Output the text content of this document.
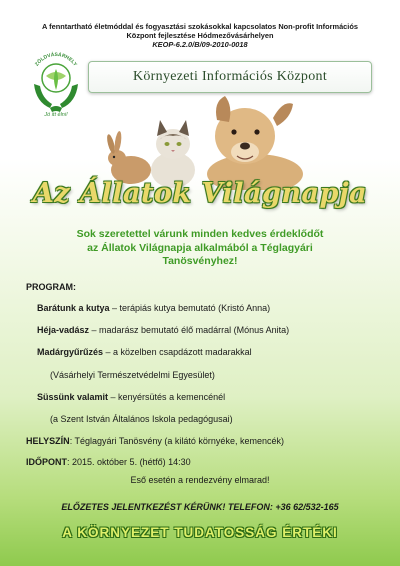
A fenntartható életmóddal és fogyasztási szokásokkal kapcsolatos Non-profit Információs
Központ fejlesztése Hódmezővásárhelyen
KEOP-6.2.0/B/09-2010-0018
ZÖLDVÁSÁRHELY
Jó itt élni!
Környezeti Információs Központ
Az Állatok Világnapja
Sok szeretettel várunk minden kedves érdeklődőt
az Állatok Világnapja alkalmából a Téglagyári
Tanösvényhez!
PROGRAM:
Barátunk a kutya – terápiás kutya bemutató (Kristó Anna)
Héja-vadász – madarász bemutató élő madárral (Mónus Anita)
Madárgyűrűzés – a közelben csapdázott madarakkal
(Vásárhelyi Természetvédelmi Egyesület)
Süssünk valamit – kenyérsütés a kemencénél
(a Szent István Általános Iskola pedagógusai)
HELYSZÍN: Téglagyári Tanösvény (a kilátó környéke, kemencék)
IDŐPONT: 2015. október 5. (hétfő) 14:30
Eső esetén a rendezvény elmarad!
ELŐZETES JELENTKEZÉST KÉRÜNK! TELEFON: +36 62/532-165
A KÖRNYEZET TUDATOSSÁG ÉRTÉKI
